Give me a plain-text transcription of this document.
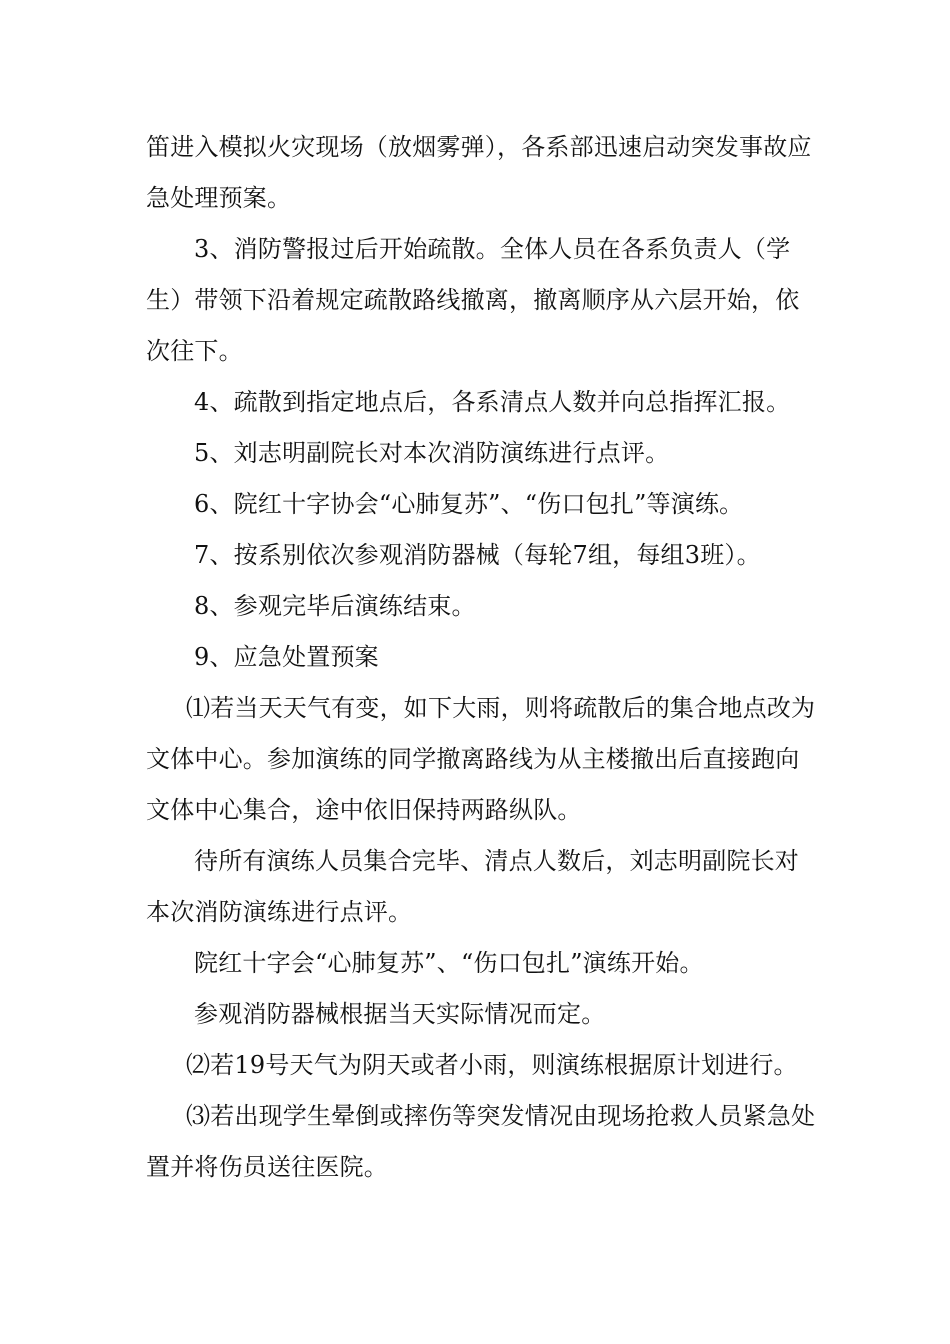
笛进入模拟火灾现场（放烟雾弹），各系部迅速启动突发事故应急处理预案。

3、消防警报过后开始疏散。全体人员在各系负责人（学生）带领下沿着规定疏散路线撤离，撤离顺序从六层开始，依次往下。

4、疏散到指定地点后，各系清点人数并向总指挥汇报。

5、刘志明副院长对本次消防演练进行点评。

6、院红十字协会“心肺复苏”、“伤口包扎”等演练。

7、按系别依次参观消防器械（每轮7组，每组3班）。

8、参观完毕后演练结束。

9、应急处置预案

⑴若当天天气有变，如下大雨，则将疏散后的集合地点改为文体中心。参加演练的同学撤离路线为从主楼撤出后直接跑向文体中心集合，途中依旧保持两路纵队。

待所有演练人员集合完毕、清点人数后，刘志明副院长对本次消防演练进行点评。

院红十字会“心肺复苏”、“伤口包扎”演练开始。

参观消防器械根据当天实际情况而定。

⑵若19号天气为阴天或者小雨，则演练根据原计划进行。

⑶若出现学生晕倒或摔伤等突发情况由现场抢救人员紧急处置并将伤员送往医院。
